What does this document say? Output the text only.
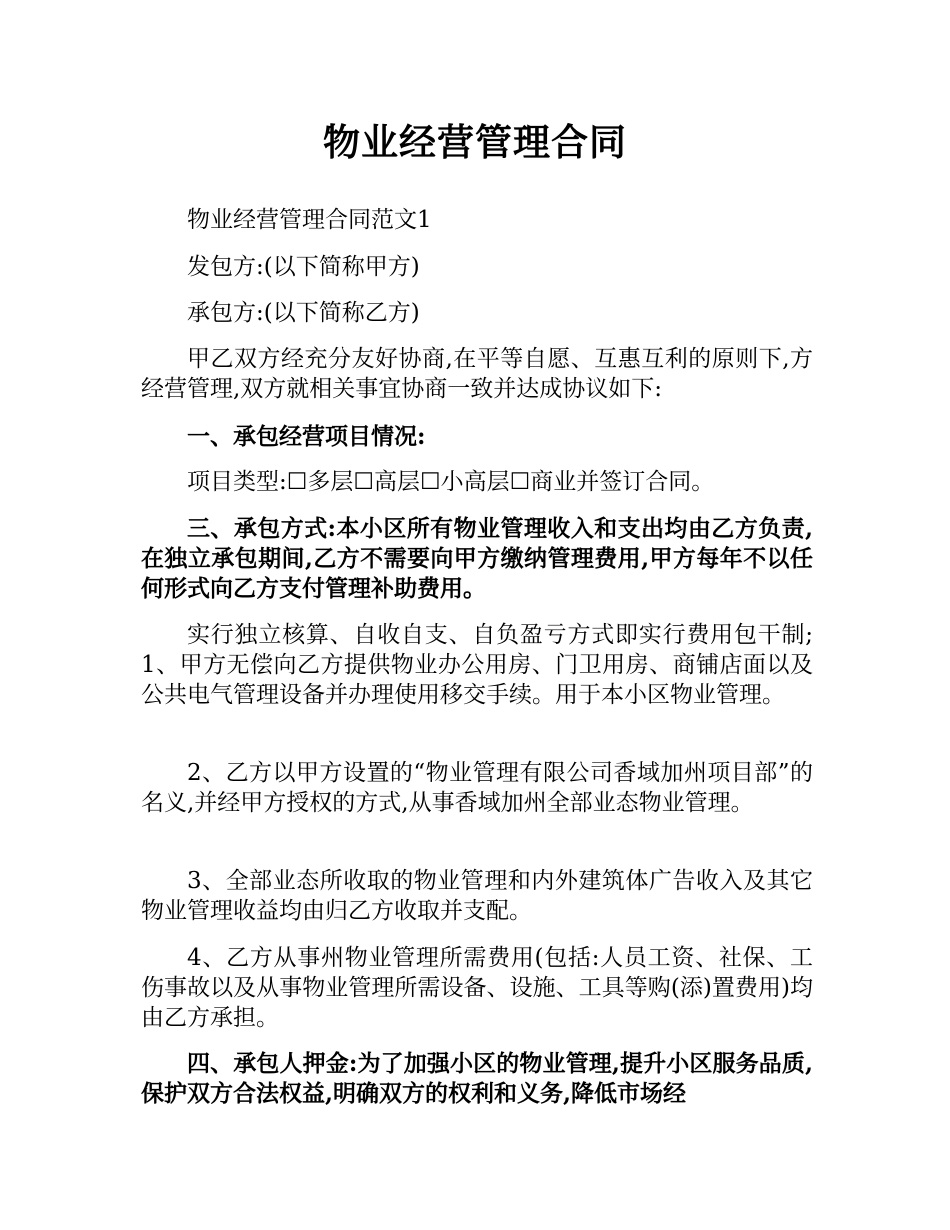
物业经营管理合同

物业经营管理合同范文1

发包方:(以下简称甲方)

承包方:(以下简称乙方)

甲乙双方经充分友好协商,在平等自愿、互惠互利的原则下,方经营管理,双方就相关事宜协商一致并达成协议如下:

一、承包经营项目情况:

项目类型:☐多层☐高层☐小高层☐商业并签订合同。

三、承包方式:本小区所有物业管理收入和支出均由乙方负责,在独立承包期间,乙方不需要向甲方缴纳管理费用,甲方每年不以任何形式向乙方支付管理补助费用。

实行独立核算、自收自支、自负盈亏方式即实行费用包干制;1、甲方无偿向乙方提供物业办公用房、门卫用房、商铺店面以及公共电气管理设备并办理使用移交手续。用于本小区物业管理。

2、乙方以甲方设置的“物业管理有限公司香域加州项目部”的名义,并经甲方授权的方式,从事香域加州全部业态物业管理。

3、全部业态所收取的物业管理和内外建筑体广告收入及其它物业管理收益均由归乙方收取并支配。

4、乙方从事州物业管理所需费用(包括:人员工资、社保、工伤事故以及从事物业管理所需设备、设施、工具等购(添)置费用)均由乙方承担。

四、承包人押金:为了加强小区的物业管理,提升小区服务品质,保护双方合法权益,明确双方的权利和义务,降低市场经
